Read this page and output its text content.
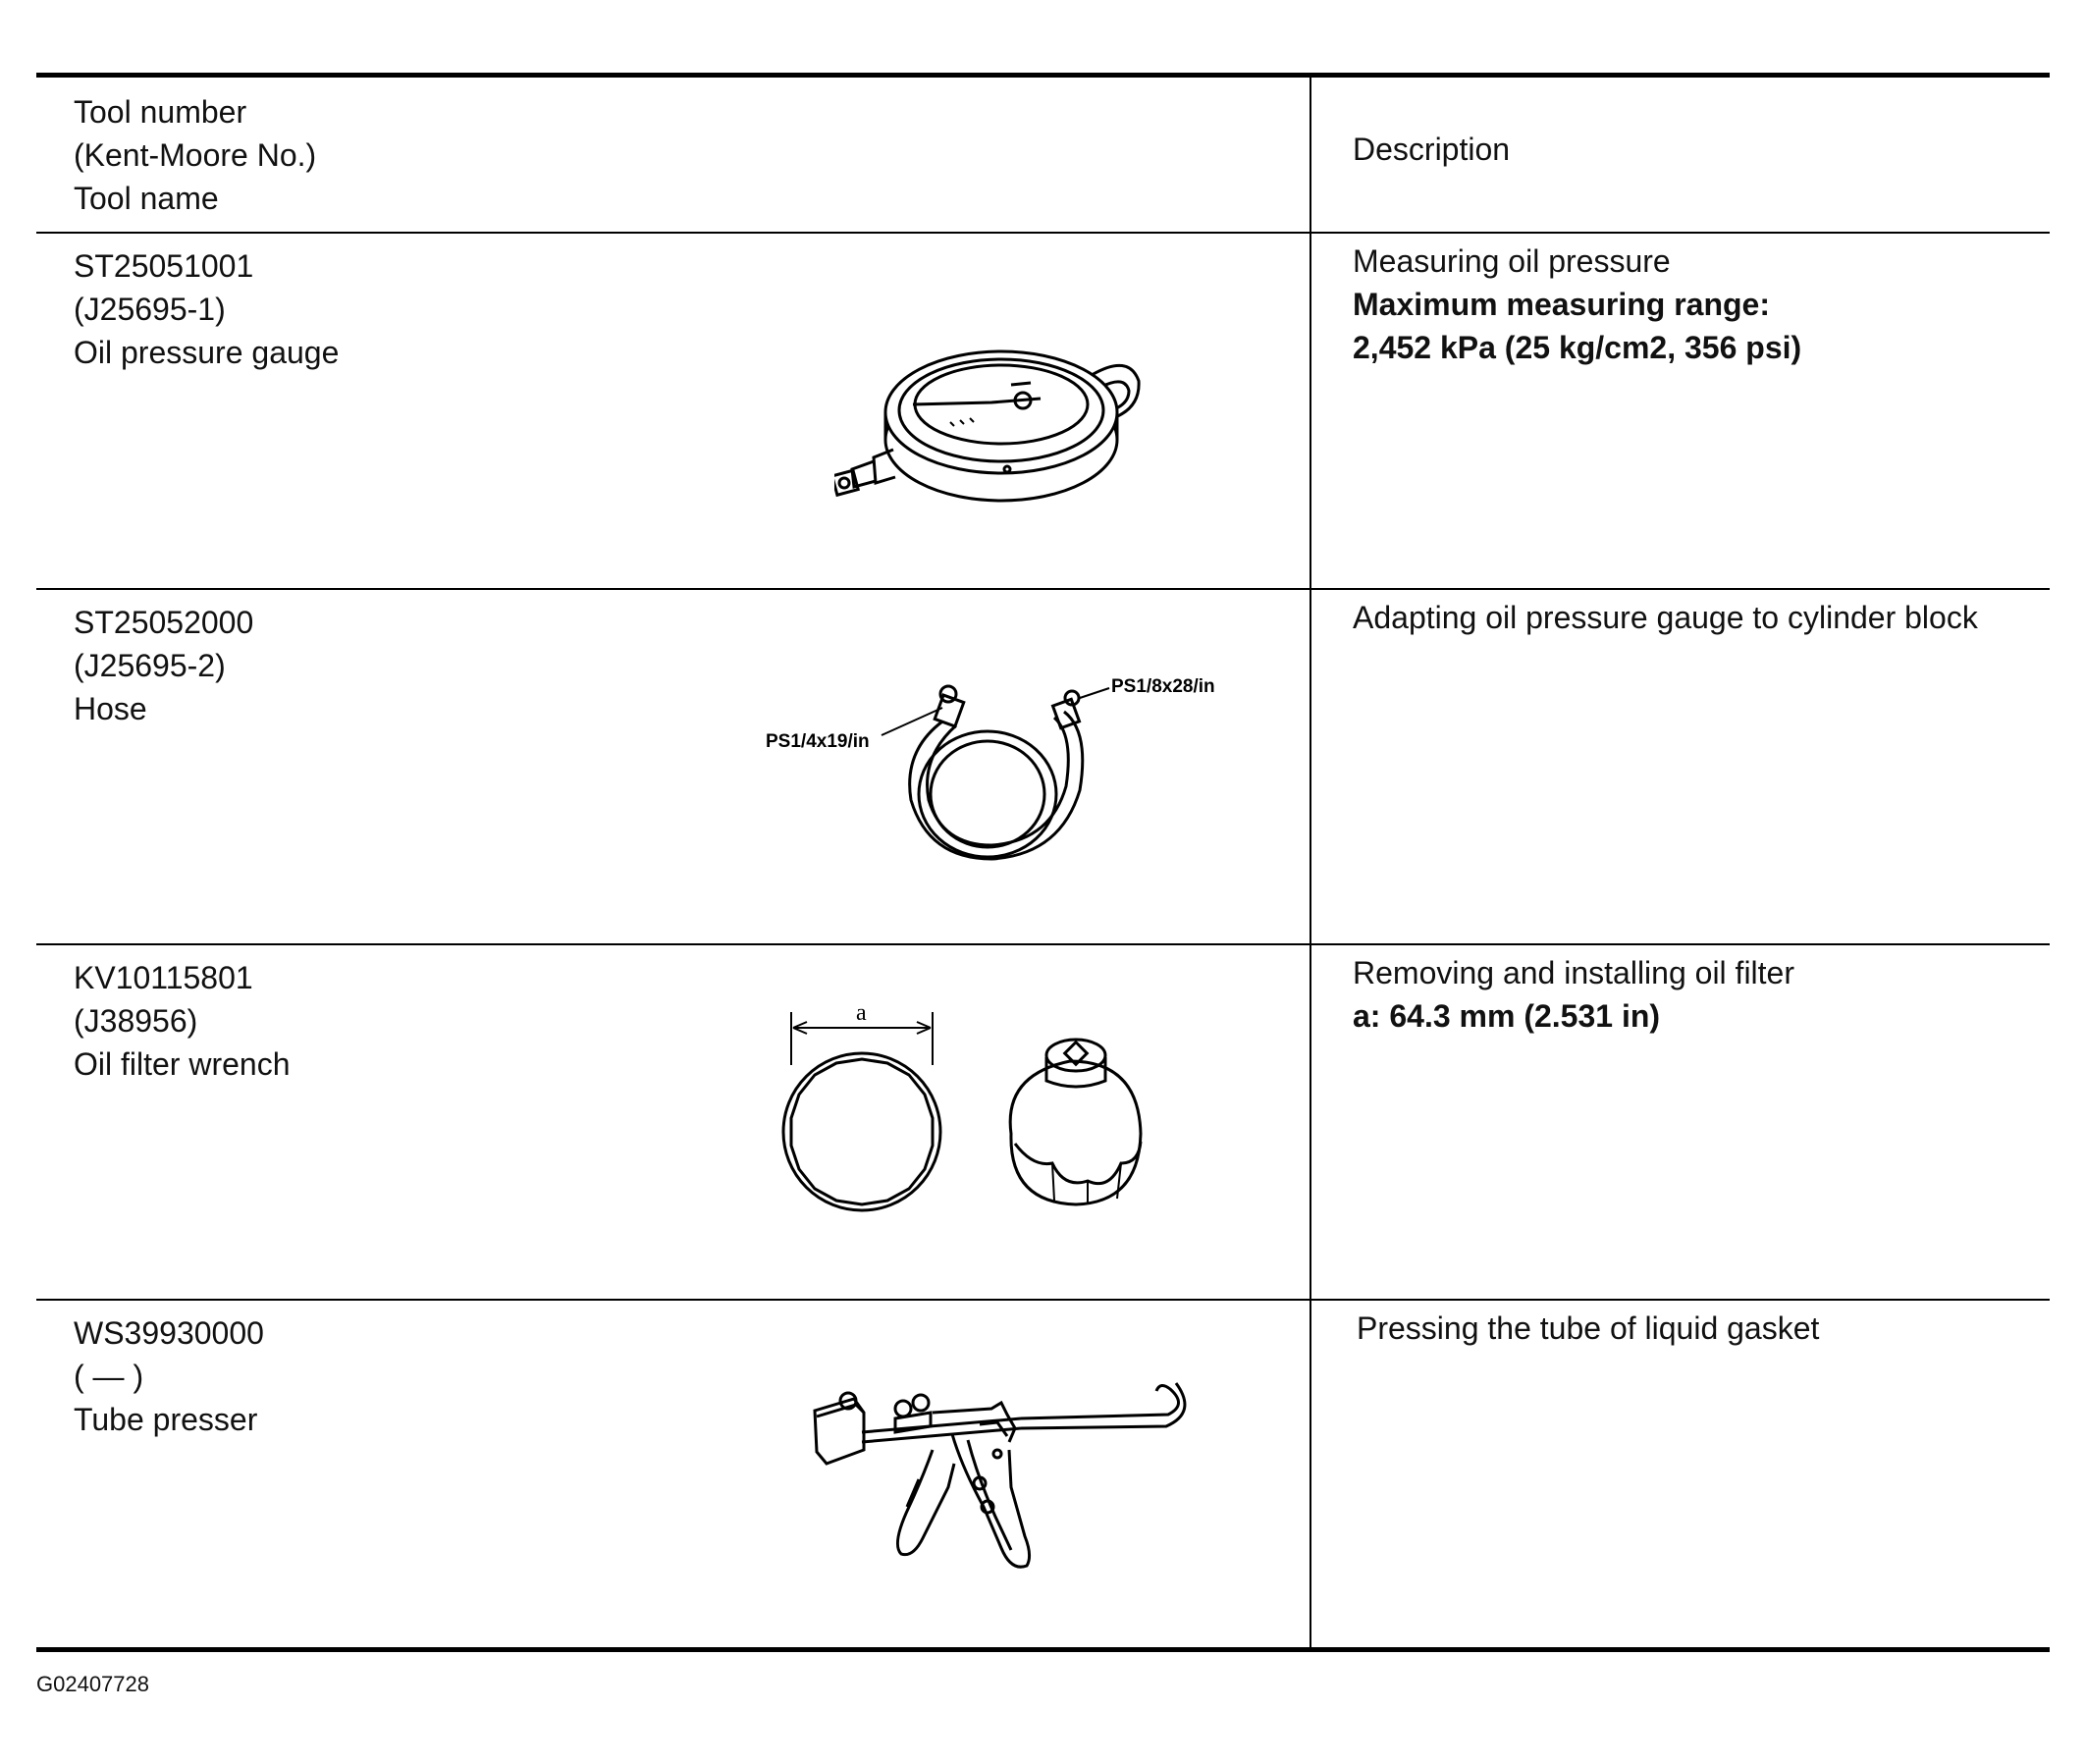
Tool number
(Kent-Moore No.)
Tool name
Description
ST25051001
(J25695-1)
Oil pressure gauge
Measuring oil pressure
Maximum measuring range:
2,452 kPa (25 kg/cm2, 356 psi)
ST25052000
(J25695-2)
Hose
Adapting oil pressure gauge to cylinder block
PS1/4x19/in
PS1/8x28/in
KV10115801
(J38956)
Oil filter wrench
Removing and installing oil filter
a: 64.3 mm (2.531 in)
a
WS39930000
( — )
Tube presser
Pressing the tube of liquid gasket
G02407728
